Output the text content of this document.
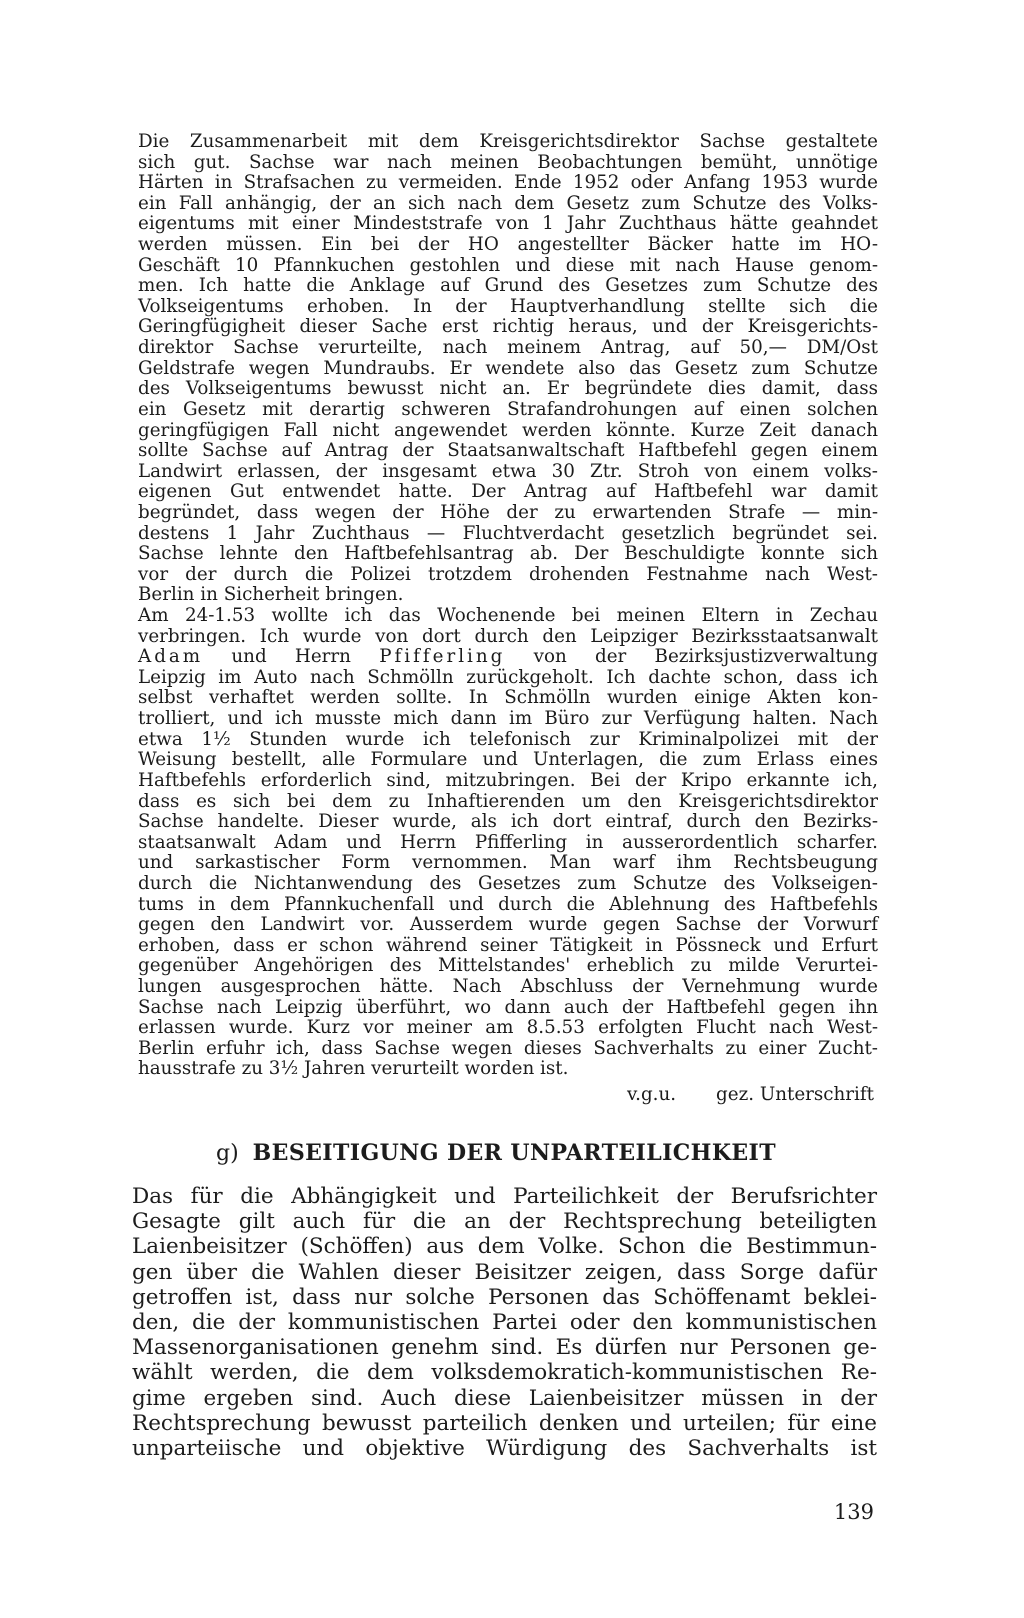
Die Zusammenarbeit mit dem Kreisgerichtsdirektor Sachse gestaltete
sich gut. Sachse war nach meinen Beobachtungen bemüht, unnötige
Härten in Strafsachen zu vermeiden. Ende 1952 oder Anfang 1953 wurde
ein Fall anhängig, der an sich nach dem Gesetz zum Schutze des Volks-
eigentums mit einer Mindeststrafe von 1 Jahr Zuchthaus hätte geahndet
werden müssen. Ein bei der HO angestellter Bäcker hatte im HO-
Geschäft 10 Pfannkuchen gestohlen und diese mit nach Hause genom-
men. Ich hatte die Anklage auf Grund des Gesetzes zum Schutze des
Volkseigentums erhoben. In der Hauptverhandlung stellte sich die
Geringfügigheit dieser Sache erst richtig heraus, und der Kreisgerichts-
direktor Sachse verurteilte, nach meinem Antrag, auf 50,— DM/Ost
Geldstrafe wegen Mundraubs. Er wendete also das Gesetz zum Schutze
des Volkseigentums bewusst nicht an. Er begründete dies damit, dass
ein Gesetz mit derartig schweren Strafandrohungen auf einen solchen
geringfügigen Fall nicht angewendet werden könnte. Kurze Zeit danach
sollte Sachse auf Antrag der Staatsanwaltschaft Haftbefehl gegen einem
Landwirt erlassen, der insgesamt etwa 30 Ztr. Stroh von einem volks-
eigenen Gut entwendet hatte. Der Antrag auf Haftbefehl war damit
begründet, dass wegen der Höhe der zu erwartenden Strafe — min-
destens 1 Jahr Zuchthaus — Fluchtverdacht gesetzlich begründet sei.
Sachse lehnte den Haftbefehlsantrag ab. Der Beschuldigte konnte sich
vor der durch die Polizei trotzdem drohenden Festnahme nach West-
Berlin in Sicherheit bringen.
Am 24-1.53 wollte ich das Wochenende bei meinen Eltern in Zechau
verbringen. Ich wurde von dort durch den Leipziger Bezirksstaatsanwalt
Adam und Herrn Pfifferling von der Bezirksjustizverwaltung
Leipzig im Auto nach Schmölln zurückgeholt. Ich dachte schon, dass ich
selbst verhaftet werden sollte. In Schmölln wurden einige Akten kon-
trolliert, und ich musste mich dann im Büro zur Verfügung halten. Nach
etwa 1½ Stunden wurde ich telefonisch zur Kriminalpolizei mit der
Weisung bestellt, alle Formulare und Unterlagen, die zum Erlass eines
Haftbefehls erforderlich sind, mitzubringen. Bei der Kripo erkannte ich,
dass es sich bei dem zu Inhaftierenden um den Kreisgerichtsdirektor
Sachse handelte. Dieser wurde, als ich dort eintraf, durch den Bezirks-
staatsanwalt Adam und Herrn Pfifferling in ausserordentlich scharfer.
und sarkastischer Form vernommen. Man warf ihm Rechtsbeugung
durch die Nichtanwendung des Gesetzes zum Schutze des Volkseigen-
tums in dem Pfannkuchenfall und durch die Ablehnung des Haftbefehls
gegen den Landwirt vor. Ausserdem wurde gegen Sachse der Vorwurf
erhoben, dass er schon während seiner Tätigkeit in Pössneck und Erfurt
gegenüber Angehörigen des Mittelstandes' erheblich zu milde Verurtei-
lungen ausgesprochen hätte. Nach Abschluss der Vernehmung wurde
Sachse nach Leipzig überführt, wo dann auch der Haftbefehl gegen ihn
erlassen wurde. Kurz vor meiner am 8.5.53 erfolgten Flucht nach West-
Berlin erfuhr ich, dass Sachse wegen dieses Sachverhalts zu einer Zucht-
hausstrafe zu 3½ Jahren verurteilt worden ist.
v.g.u. gez. Unterschrift
g) BESEITIGUNG DER UNPARTEILICHKEIT
Das für die Abhängigkeit und Parteilichkeit der Berufsrichter
Gesagte gilt auch für die an der Rechtsprechung beteiligten
Laienbeisitzer (Schöffen) aus dem Volke. Schon die Bestimmun-
gen über die Wahlen dieser Beisitzer zeigen, dass Sorge dafür
getroffen ist, dass nur solche Personen das Schöffenamt beklei-
den, die der kommunistischen Partei oder den kommunistischen
Massenorganisationen genehm sind. Es dürfen nur Personen ge-
wählt werden, die dem volksdemokratich-kommunistischen Re-
gime ergeben sind. Auch diese Laienbeisitzer müssen in der
Rechtsprechung bewusst parteilich denken und urteilen; für eine
unparteiische und objektive Würdigung des Sachverhalts ist
139
